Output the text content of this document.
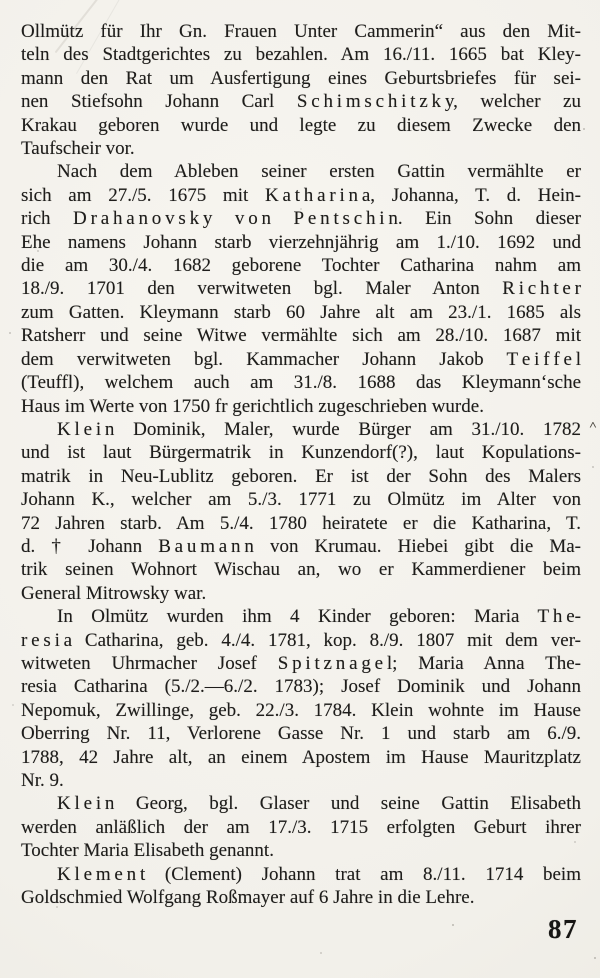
Ollmütz für Ihr Gn. Frauen Unter Cammerin“ aus den Mit-
teln des Stadtgerichtes zu bezahlen. Am 16./11. 1665 bat Kley-
mann den Rat um Ausfertigung eines Geburtsbriefes für sei-
nen Stiefsohn Johann Carl S c h i m s c h i t z k y, welcher zu
Krakau geboren wurde und legte zu diesem Zwecke den
Taufscheir vor.
Nach dem Ableben seiner ersten Gattin vermählte er
sich am 27./5. 1675 mit K a t h a r i n a, Johanna, T. d. Hein-
rich D r a h a n o v s k y v o n P e n t s c h i n. Ein Sohn dieser
Ehe namens Johann starb vierzehnjährig am 1./10. 1692 und
die am 30./4. 1682 geborene Tochter Catharina nahm am
18./9. 1701 den verwitweten bgl. Maler Anton R i c h t e r
zum Gatten. Kleymann starb 60 Jahre alt am 23./1. 1685 als
Ratsherr und seine Witwe vermählte sich am 28./10. 1687 mit
dem verwitweten bgl. Kammacher Johann Jakob T e i f f e l
(Teuffl), welchem auch am 31./8. 1688 das Kleymann‘sche
Haus im Werte von 1750 fr gerichtlich zugeschrieben wurde.
K l e i n Dominik, Maler, wurde Bürger am 31./10. 1782
und ist laut Bürgermatrik in Kunzendorf(?), laut Kopulations-
matrik in Neu-Lublitz geboren. Er ist der Sohn des Malers
Johann K., welcher am 5./3. 1771 zu Olmütz im Alter von
72 Jahren starb. Am 5./4. 1780 heiratete er die Katharina, T.
d. † Johann B a u m a n n von Krumau. Hiebei gibt die Ma-
trik seinen Wohnort Wischau an, wo er Kammerdiener beim
General Mitrowsky war.
In Olmütz wurden ihm 4 Kinder geboren: Maria T h e-
r e s i a Catharina, geb. 4./4. 1781, kop. 8./9. 1807 mit dem ver-
witweten Uhrmacher Josef S p i t z n a g e l; Maria Anna The-
resia Catharina (5./2.—6./2. 1783); Josef Dominik und Johann
Nepomuk, Zwillinge, geb. 22./3. 1784. Klein wohnte im Hause
Oberring Nr. 11, Verlorene Gasse Nr. 1 und starb am 6./9.
1788, 42 Jahre alt, an einem Apostem im Hause Mauritzplatz
Nr. 9.
K l e i n Georg, bgl. Glaser und seine Gattin Elisabeth
werden anläßlich der am 17./3. 1715 erfolgten Geburt ihrer
Tochter Maria Elisabeth genannt.
K l e m e n t (Clement) Johann trat am 8./11. 1714 beim
Goldschmied Wolfgang Roßmayer auf 6 Jahre in die Lehre.
^
87
